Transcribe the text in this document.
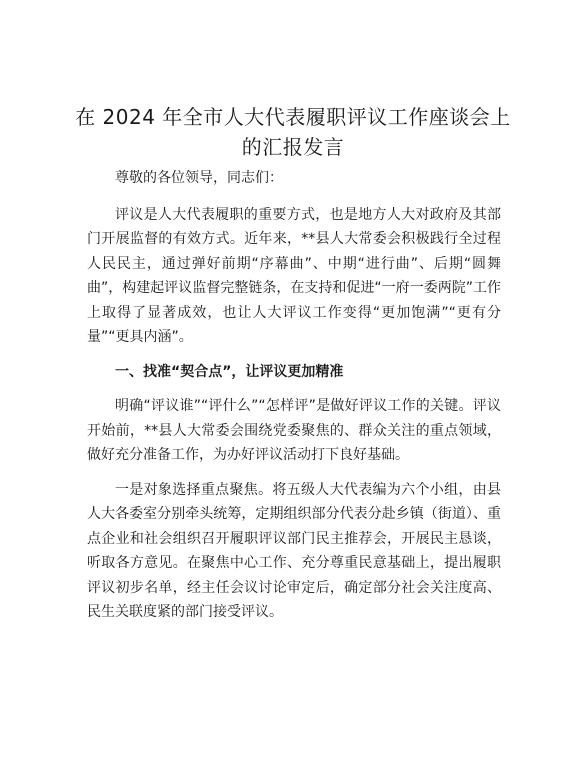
在 2024 年全市人大代表履职评议工作座谈会上
的汇报发言

尊敬的各位领导，同志们：

评议是人大代表履职的重要方式，也是地方人大对政府及其部门开展监督的有效方式。近年来，**县人大常委会积极践行全过程人民民主，通过弹好前期“序幕曲”、中期“进行曲”、后期“圆舞曲”，构建起评议监督完整链条，在支持和促进“一府一委两院”工作上取得了显著成效，也让人大评议工作变得“更加饱满”“更有分量”“更具内涵”。

一、找准“契合点”，让评议更加精准

明确“评议谁”“评什么”“怎样评”是做好评议工作的关键。评议开始前，**县人大常委会围绕党委聚焦的、群众关注的重点领域，做好充分准备工作，为办好评议活动打下良好基础。

一是对象选择重点聚焦。将五级人大代表编为六个小组，由县人大各委室分别牵头统筹，定期组织部分代表分赴乡镇（街道）、重点企业和社会组织召开履职评议部门民主推荐会，开展民主恳谈，听取各方意见。在聚焦中心工作、充分尊重民意基础上，提出履职评议初步名单，经主任会议讨论审定后，确定部分社会关注度高、民生关联度紧的部门接受评议。
